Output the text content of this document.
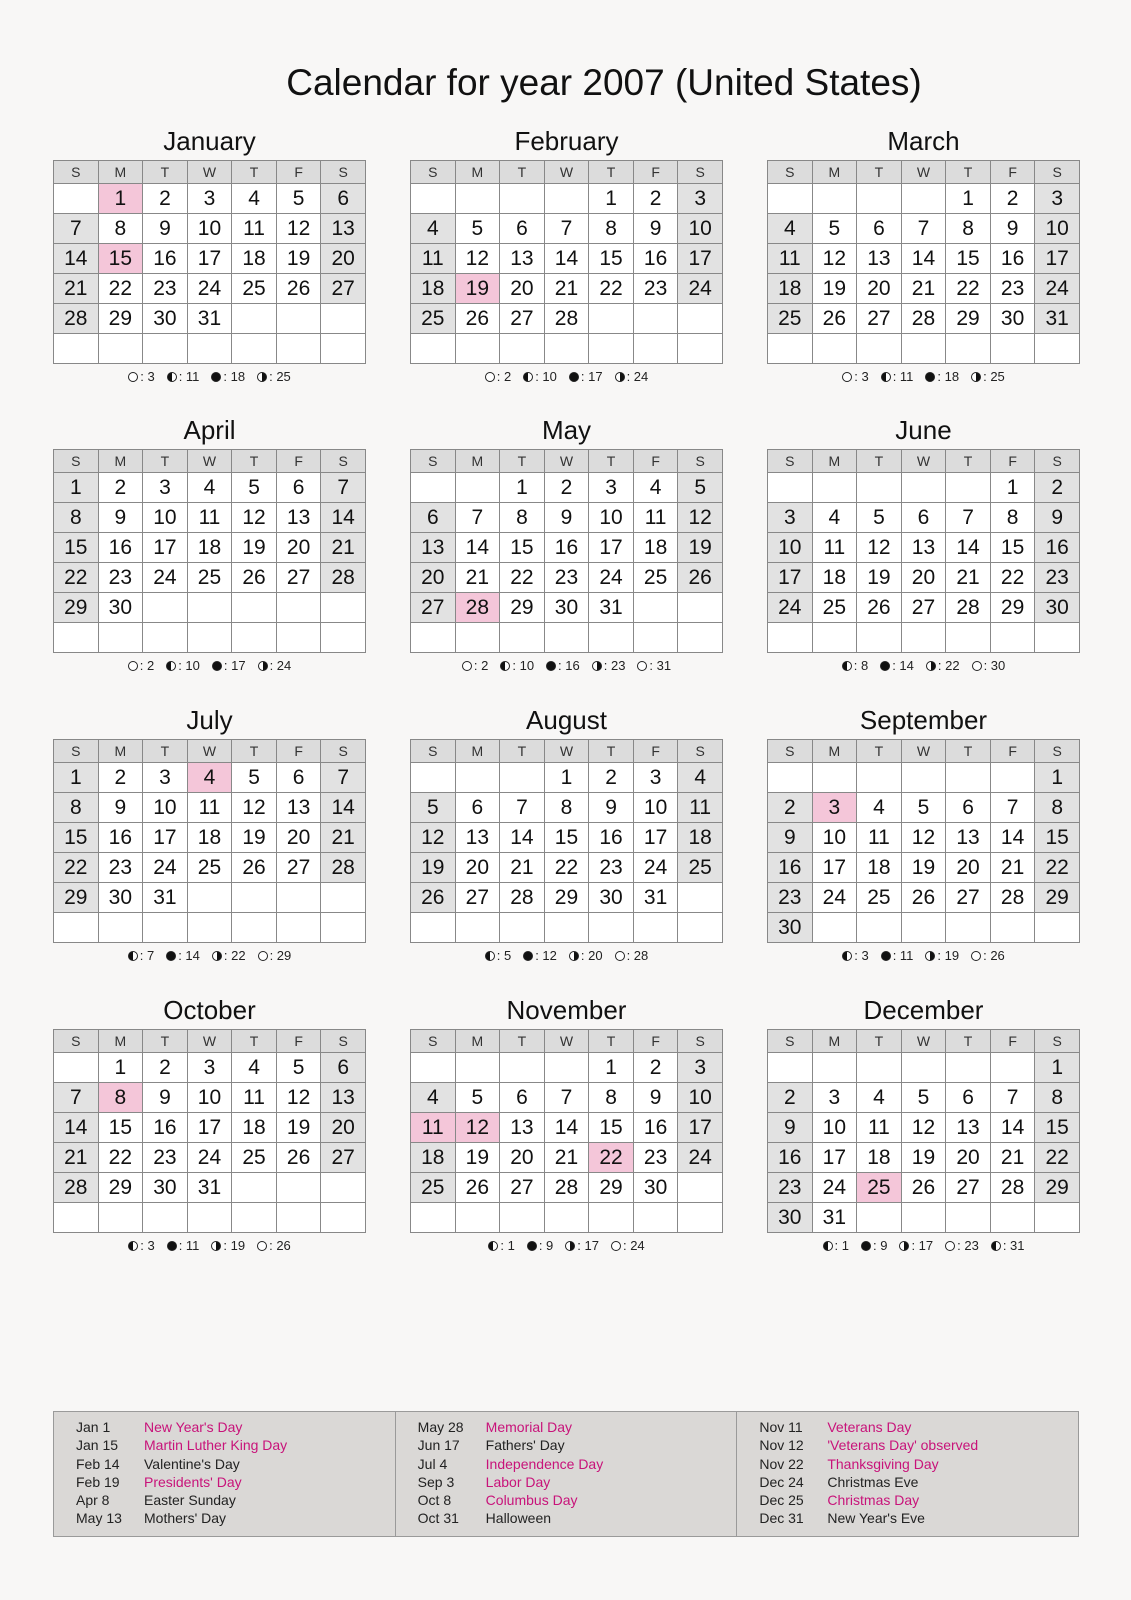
Calendar for year 2007 (United States)
January
S	M	T	W	T	F	S
	1	2	3	4	5	6
7	8	9	10	11	12	13
14	15	16	17	18	19	20
21	22	23	24	25	26	27
28	29	30	31			

: 3 : 11 : 18 : 25
February
S	M	T	W	T	F	S
				1	2	3
4	5	6	7	8	9	10
11	12	13	14	15	16	17
18	19	20	21	22	23	24
25	26	27	28			

: 2 : 10 : 17 : 24
March
S	M	T	W	T	F	S
				1	2	3
4	5	6	7	8	9	10
11	12	13	14	15	16	17
18	19	20	21	22	23	24
25	26	27	28	29	30	31

: 3 : 11 : 18 : 25
April
S	M	T	W	T	F	S
1	2	3	4	5	6	7
8	9	10	11	12	13	14
15	16	17	18	19	20	21
22	23	24	25	26	27	28
29	30					

: 2 : 10 : 17 : 24
May
S	M	T	W	T	F	S
		1	2	3	4	5
6	7	8	9	10	11	12
13	14	15	16	17	18	19
20	21	22	23	24	25	26
27	28	29	30	31		

: 2 : 10 : 16 : 23 : 31
June
S	M	T	W	T	F	S
					1	2
3	4	5	6	7	8	9
10	11	12	13	14	15	16
17	18	19	20	21	22	23
24	25	26	27	28	29	30

: 8 : 14 : 22 : 30
July
S	M	T	W	T	F	S
1	2	3	4	5	6	7
8	9	10	11	12	13	14
15	16	17	18	19	20	21
22	23	24	25	26	27	28
29	30	31				

: 7 : 14 : 22 : 29
August
S	M	T	W	T	F	S
			1	2	3	4
5	6	7	8	9	10	11
12	13	14	15	16	17	18
19	20	21	22	23	24	25
26	27	28	29	30	31	

: 5 : 12 : 20 : 28
September
S	M	T	W	T	F	S
						1
2	3	4	5	6	7	8
9	10	11	12	13	14	15
16	17	18	19	20	21	22
23	24	25	26	27	28	29
30						
: 3 : 11 : 19 : 26
October
S	M	T	W	T	F	S
	1	2	3	4	5	6
7	8	9	10	11	12	13
14	15	16	17	18	19	20
21	22	23	24	25	26	27
28	29	30	31			

: 3 : 11 : 19 : 26
November
S	M	T	W	T	F	S
				1	2	3
4	5	6	7	8	9	10
11	12	13	14	15	16	17
18	19	20	21	22	23	24
25	26	27	28	29	30	

: 1 : 9 : 17 : 24
December
S	M	T	W	T	F	S
						1
2	3	4	5	6	7	8
9	10	11	12	13	14	15
16	17	18	19	20	21	22
23	24	25	26	27	28	29
30	31					
: 1 : 9 : 17 : 23 : 31
Jan 1 New Year's Day
Jan 15 Martin Luther King Day
Feb 14 Valentine's Day
Feb 19 Presidents' Day
Apr 8 Easter Sunday
May 13 Mothers' Day
May 28 Memorial Day
Jun 17 Fathers' Day
Jul 4	Independence Day
Sep 3 Labor Day
Oct 8 Columbus Day
Oct 31 Halloween
Nov 11 Veterans Day
Nov 12 'Veterans Day' observed
Nov 22 Thanksgiving Day
Dec 24 Christmas Eve
Dec 25 Christmas Day
Dec 31 New Year's Eve
